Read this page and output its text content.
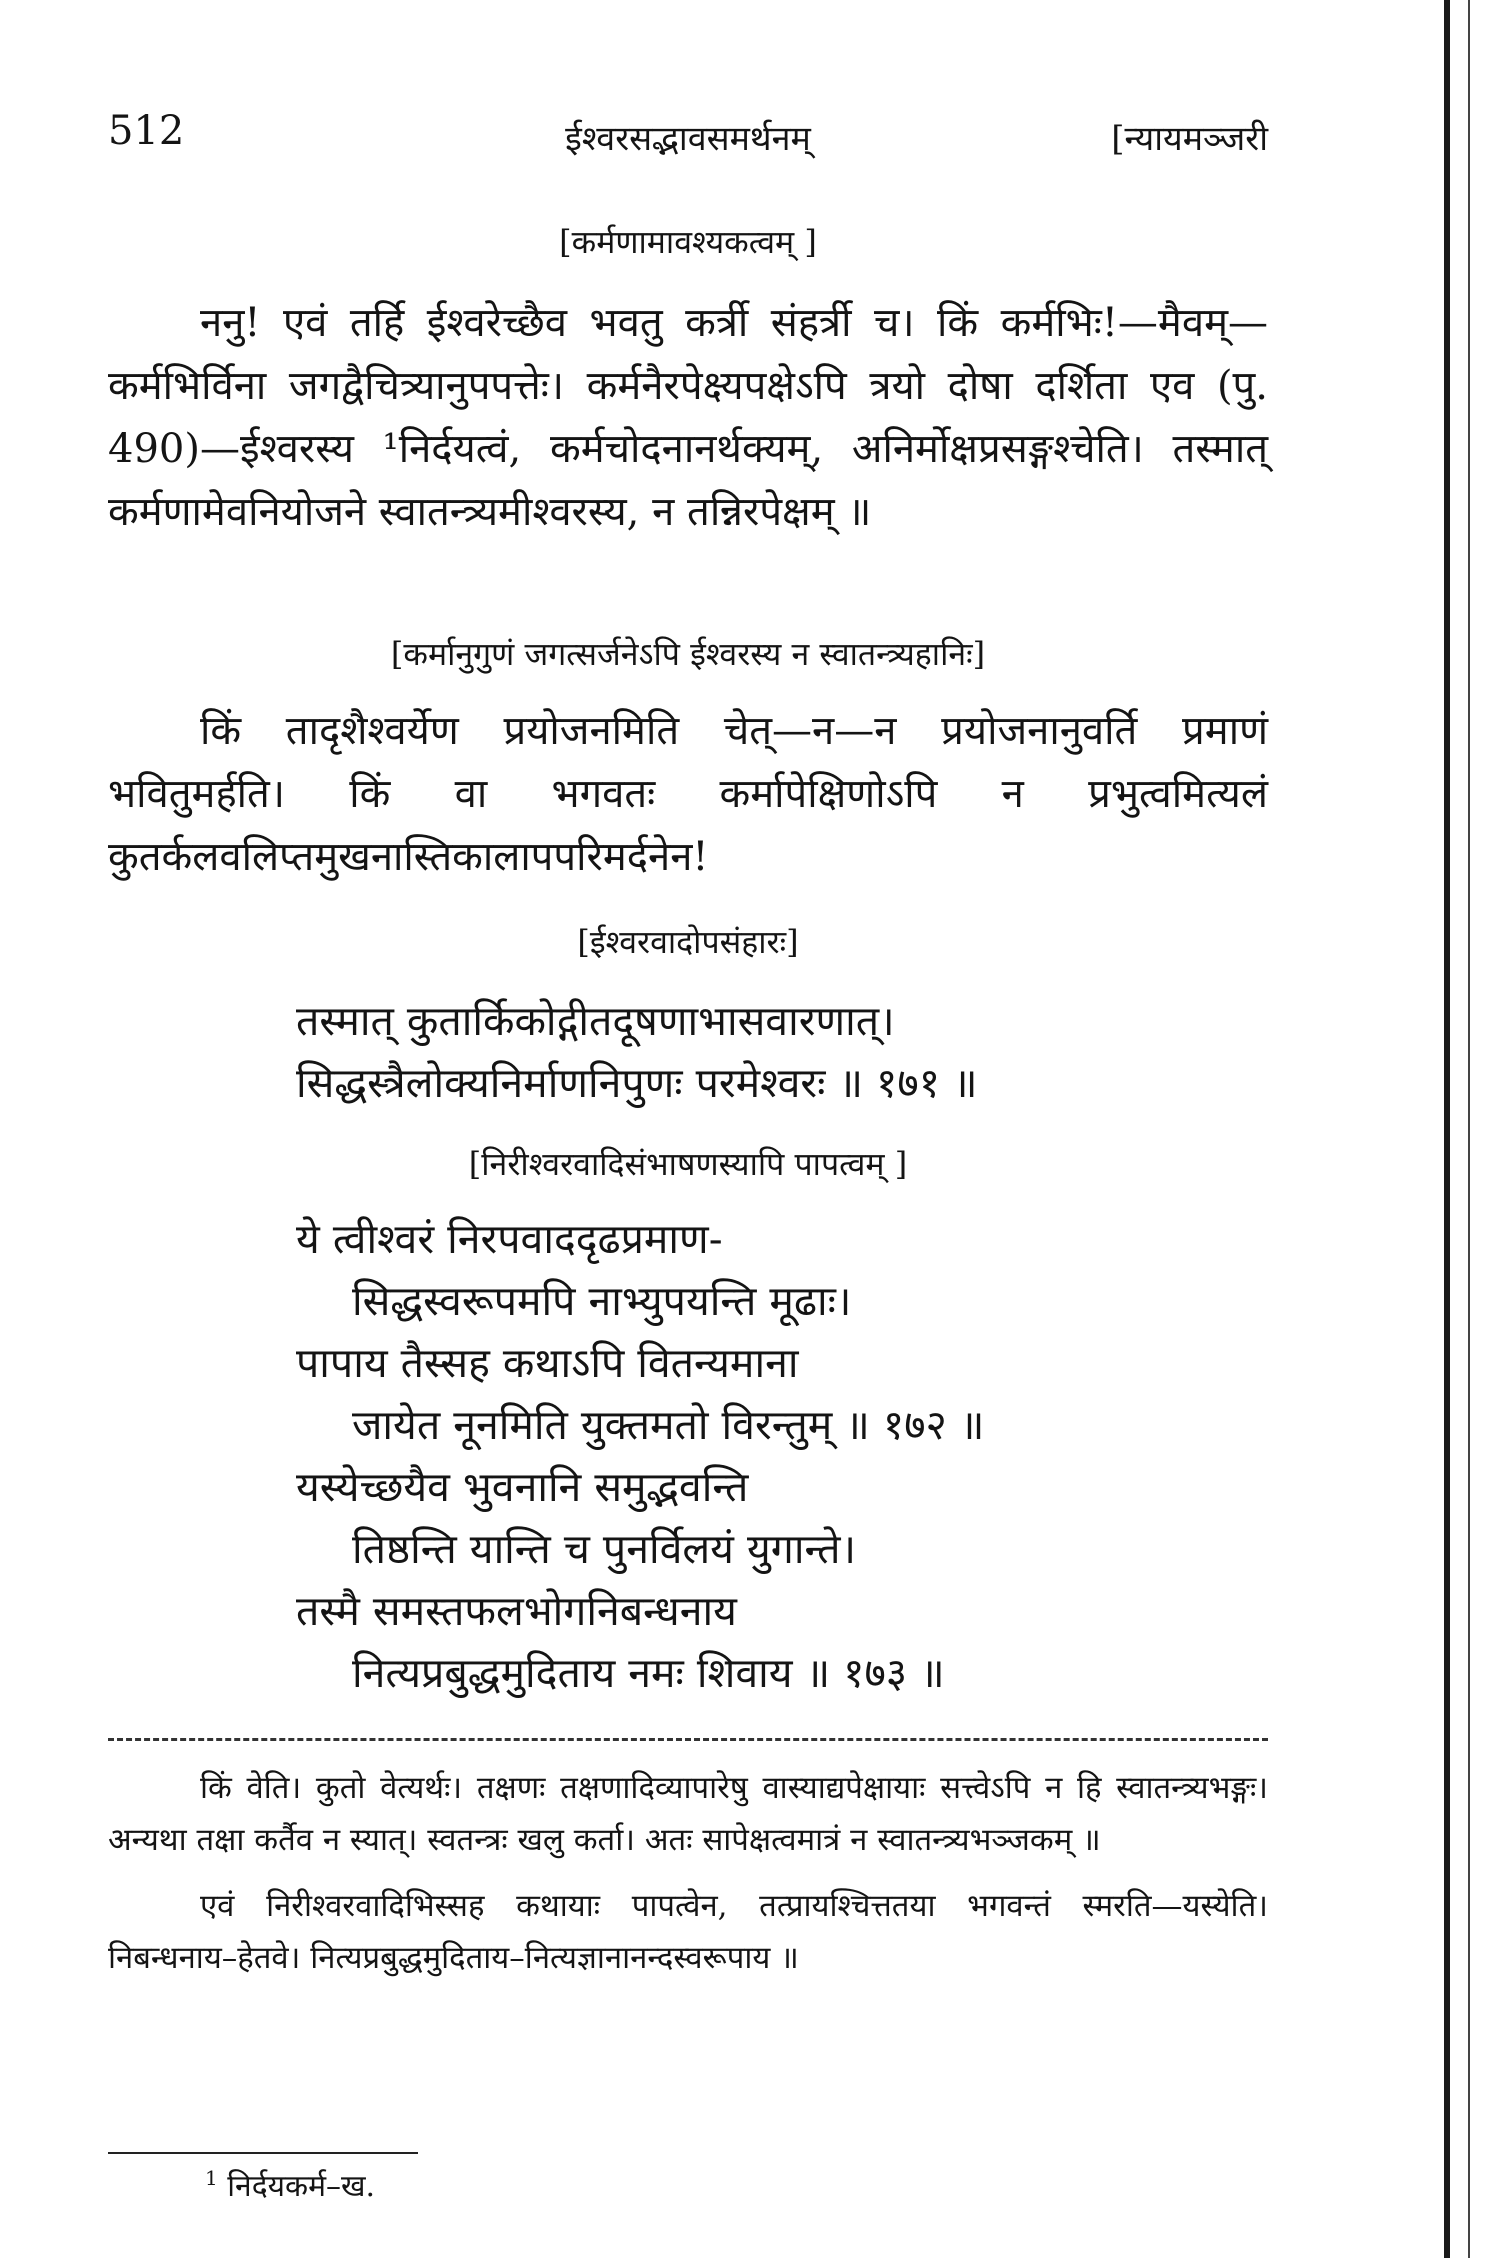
512	ईश्वरसद्भावसमर्थनम्	[न्यायमञ्जरी
[कर्मणामावश्यकत्वम् ]

ननु! एवं तर्हि ईश्वरेच्छैव भवतु कर्त्री संहर्त्री च। किं कर्मभिः!—मैवम्—कर्मभिर्विना जगद्वैचित्र्यानुपपत्तेः। कर्मनैरपेक्ष्यपक्षेऽपि त्रयो दोषा दर्शिता एव (पु. 490)—ईश्वरस्य ¹निर्दयत्वं, कर्मचोदनानर्थक्यम्, अनिर्मोक्षप्रसङ्गश्चेति। तस्मात् कर्मणामेवनियोजने स्वातन्त्र्यमीश्वरस्य, न तन्निरपेक्षम् ॥

[कर्मानुगुणं जगत्सर्जनेऽपि ईश्वरस्य न स्वातन्त्र्यहानिः]

किं तादृशैश्वर्येण प्रयोजनमिति चेत्—न—न प्रयोजनानुवर्ति प्रमाणं भवितुमर्हति। किं वा भगवतः कर्मापेक्षिणोऽपि न प्रभुत्वमित्यलं कुतर्कलवलिप्तमुखनास्तिकालापपरिमर्दनेन!

[ईश्वरवादोपसंहारः]
तस्मात् कुतार्किकोद्गीतदूषणाभासवारणात्।
सिद्धस्त्रैलोक्यनिर्माणनिपुणः परमेश्वरः ॥ १७१ ॥
[निरीश्वरवादिसंभाषणस्यापि पापत्वम् ]
ये त्वीश्वरं निरपवाददृढप्रमाण-
सिद्धस्वरूपमपि नाभ्युपयन्ति मूढाः।
पापाय तैस्सह कथाऽपि वितन्यमाना
जायेत नूनमिति युक्तमतो विरन्तुम् ॥ १७२ ॥
यस्येच्छयैव भुवनानि समुद्भवन्ति
तिष्ठन्ति यान्ति च पुनर्विलयं युगान्ते।
तस्मै समस्तफलभोगनिबन्धनाय
नित्यप्रबुद्धमुदिताय नमः शिवाय ॥ १७३ ॥

किं वेति। कुतो वेत्यर्थः। तक्षणः तक्षणादिव्यापारेषु वास्याद्यपेक्षायाः सत्त्वेऽपि न हि स्वातन्त्र्यभङ्गः। अन्यथा तक्षा कर्तैव न स्यात्। स्वतन्त्रः खलु कर्ता। अतः सापेक्षत्वमात्रं न स्वातन्त्र्यभञ्जकम् ॥

एवं निरीश्वरवादिभिस्सह कथायाः पापत्वेन, तत्प्रायश्चित्ततया भगवन्तं स्मरति—यस्येति। निबन्धनाय–हेतवे। नित्यप्रबुद्धमुदिताय–नित्यज्ञानानन्दस्वरूपाय ॥

$^1$ निर्दयकर्म–ख.
